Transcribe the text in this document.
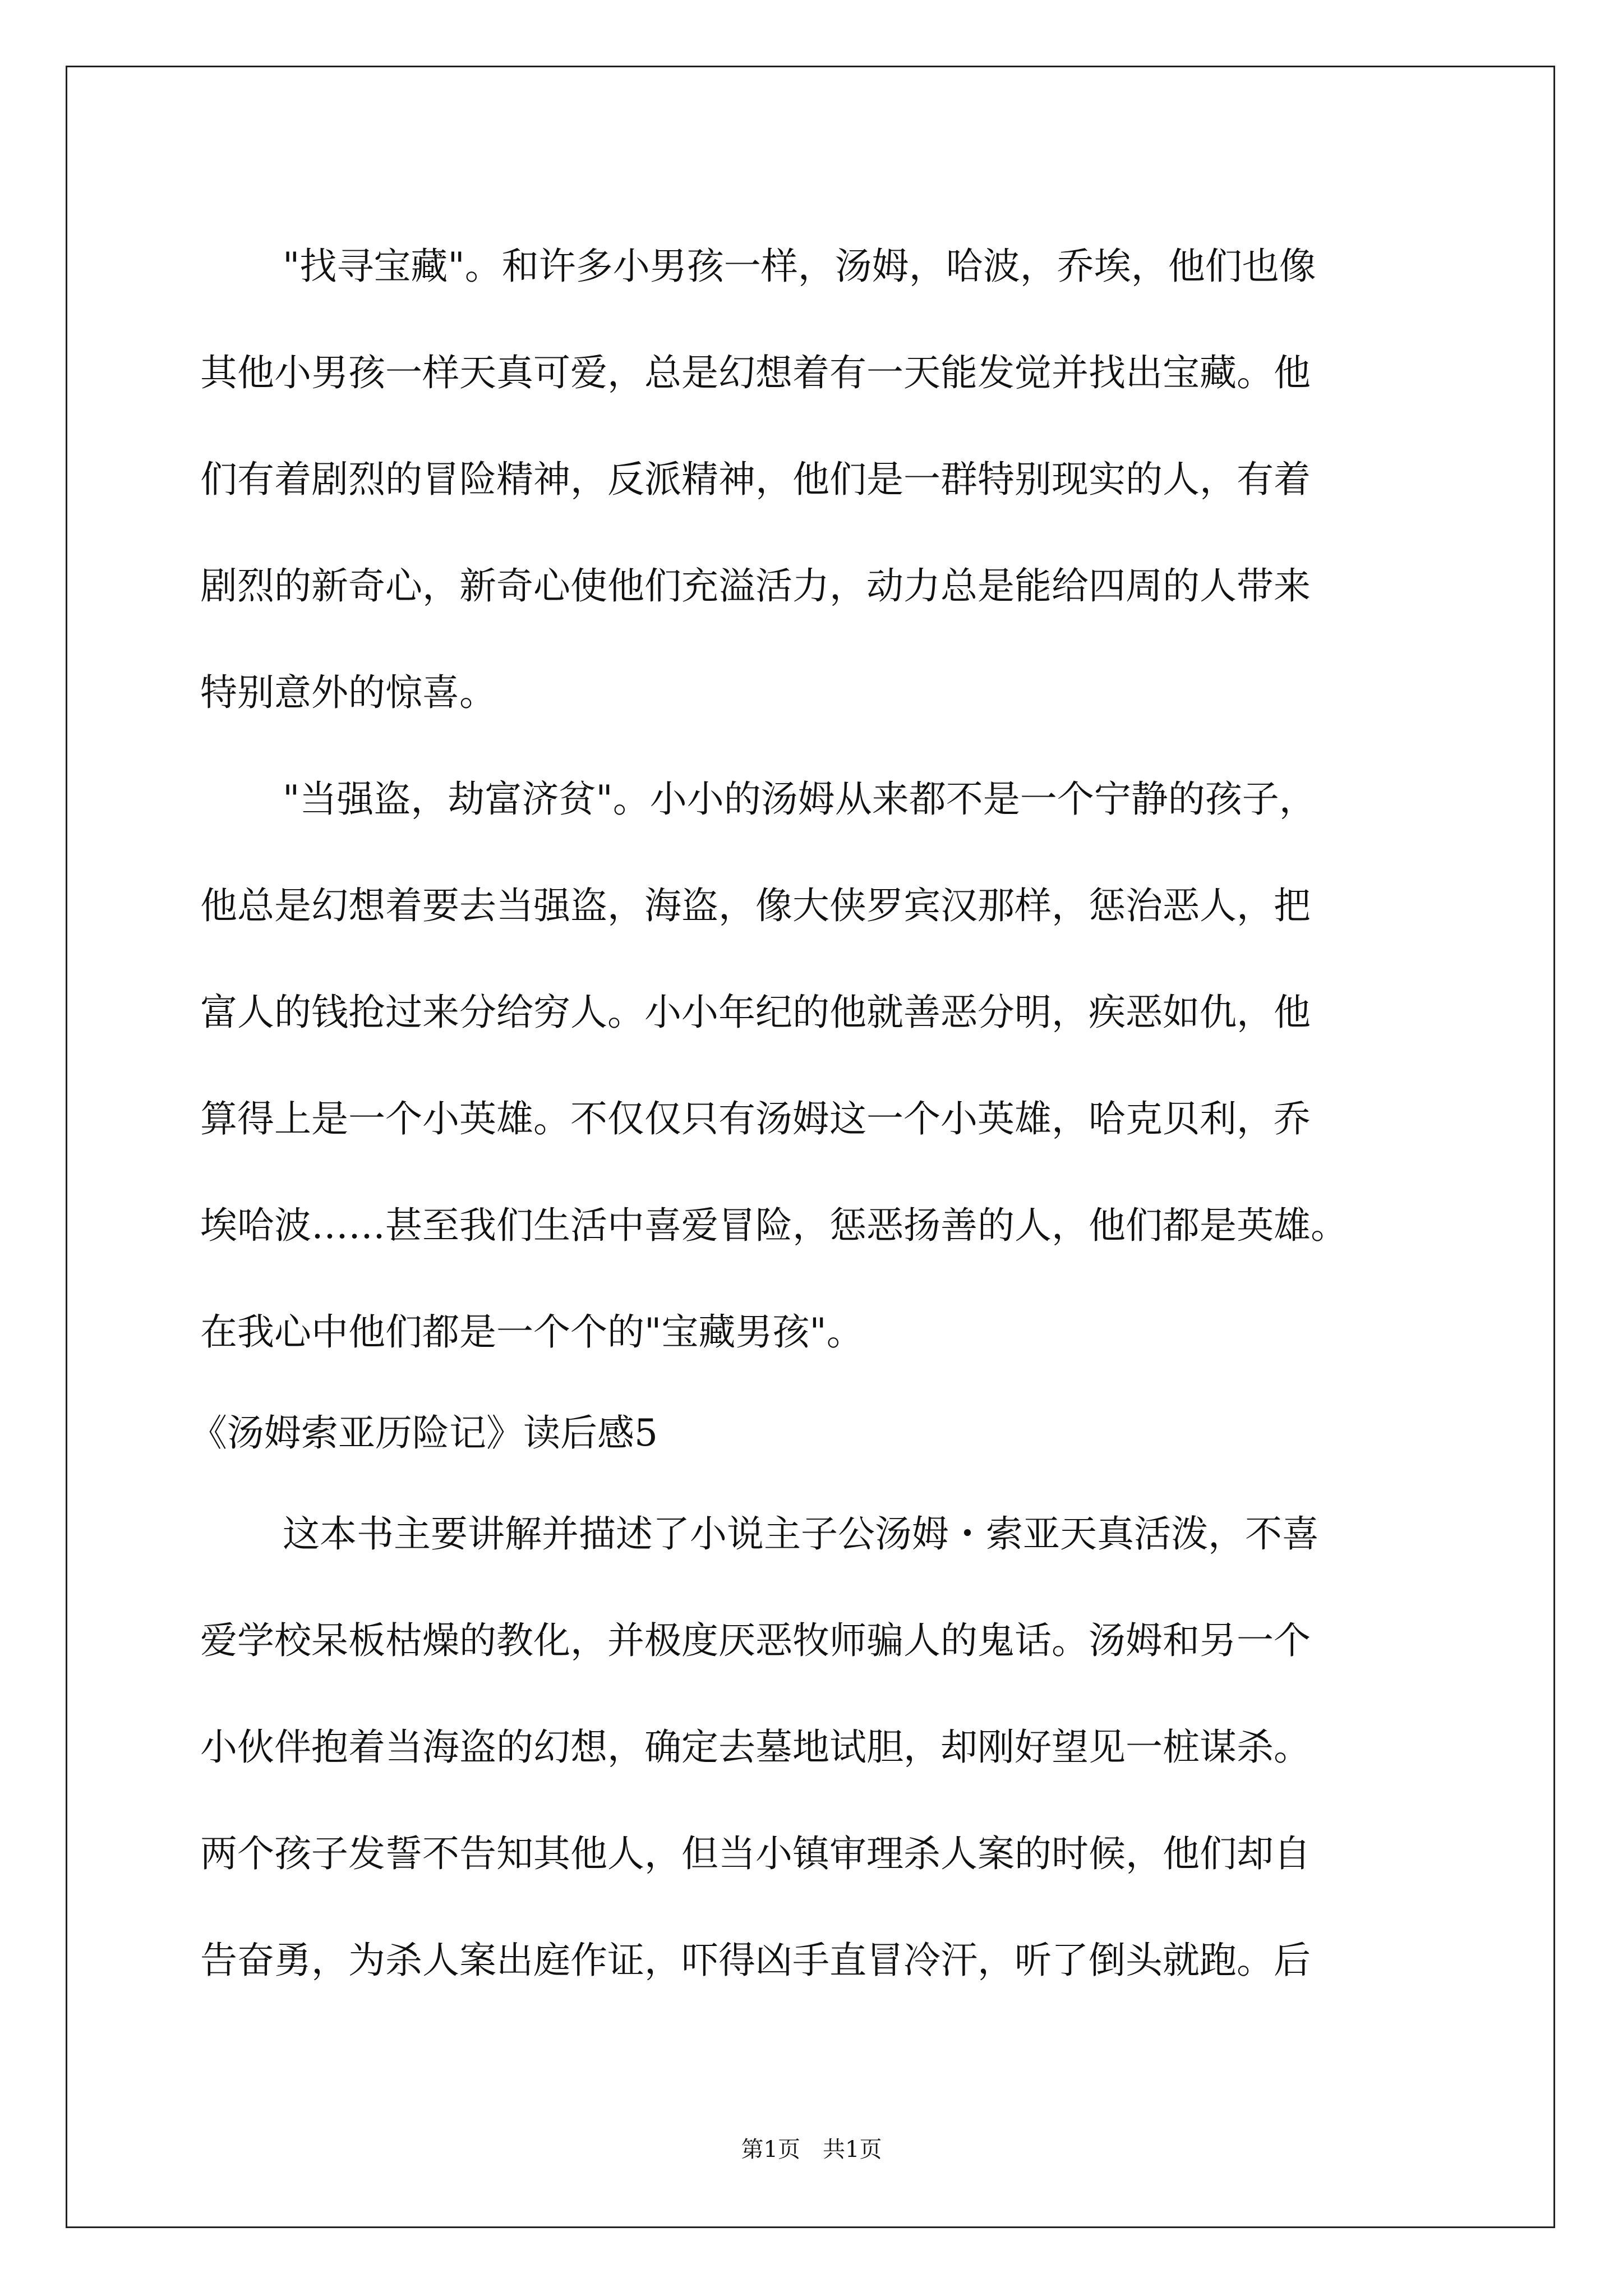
"找寻宝藏"。和许多小男孩一样，汤姆，哈波，乔埃，他们也像
其他小男孩一样天真可爱，总是幻想着有一天能发觉并找出宝藏。他
们有着剧烈的冒险精神，反派精神，他们是一群特别现实的人，有着
剧烈的新奇心，新奇心使他们充溢活力，动力总是能给四周的人带来
特别意外的惊喜。
"当强盗，劫富济贫"。小小的汤姆从来都不是一个宁静的孩子，
他总是幻想着要去当强盗，海盗，像大侠罗宾汉那样，惩治恶人，把
富人的钱抢过来分给穷人。小小年纪的他就善恶分明，疾恶如仇，他
算得上是一个小英雄。不仅仅只有汤姆这一个小英雄，哈克贝利，乔
埃哈波……甚至我们生活中喜爱冒险，惩恶扬善的人，他们都是英雄。
在我心中他们都是一个个的"宝藏男孩"。
《汤姆索亚历险记》读后感5
这本书主要讲解并描述了小说主子公汤姆・索亚天真活泼，不喜
爱学校呆板枯燥的教化，并极度厌恶牧师骗人的鬼话。汤姆和另一个
小伙伴抱着当海盗的幻想，确定去墓地试胆，却刚好望见一桩谋杀。
两个孩子发誓不告知其他人，但当小镇审理杀人案的时候，他们却自
告奋勇，为杀人案出庭作证，吓得凶手直冒冷汗，听了倒头就跑。后
第1页　共1页
